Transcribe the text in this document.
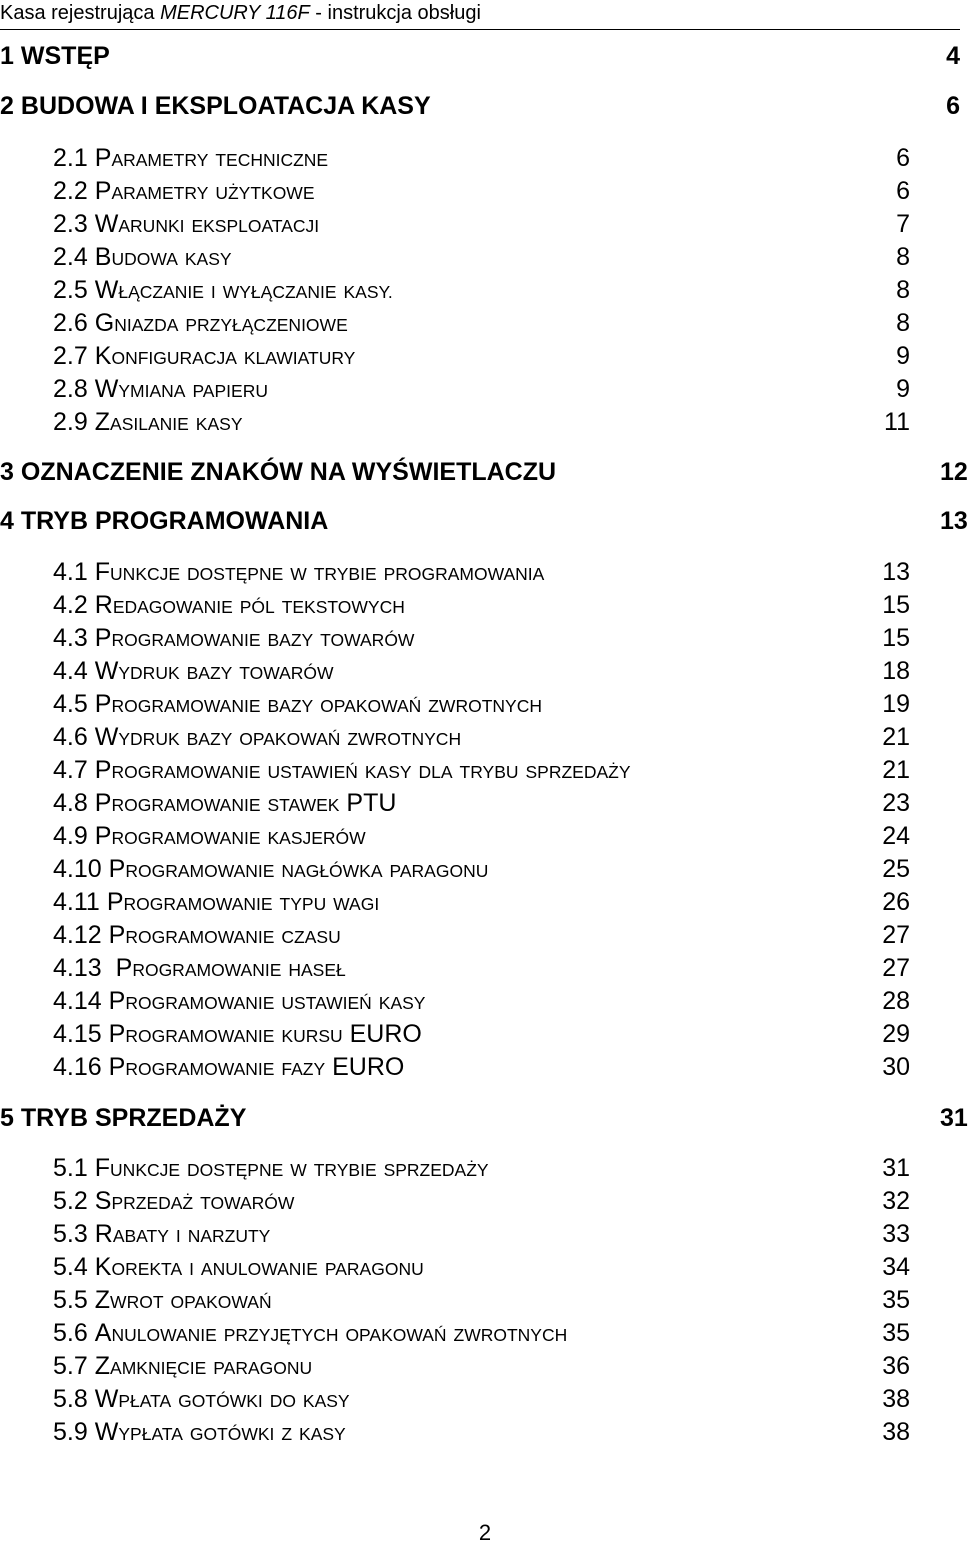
Kasa rejestrująca MERCURY 116F - instrukcja obsługi
1 WSTĘP	4
2 BUDOWA I EKSPLOATACJA KASY	6
2.1 PARAMETRY TECHNICZNE	6
2.2 PARAMETRY UŻYTKOWE	6
2.3 WARUNKI EKSPLOATACJI	7
2.4 BUDOWA KASY	8
2.5 WŁĄCZANIE I WYŁĄCZANIE KASY.	8
2.6 GNIAZDA PRZYŁĄCZENIOWE	8
2.7 KONFIGURACJA KLAWIATURY	9
2.8 WYMIANA PAPIERU	9
2.9 ZASILANIE KASY	11
3 OZNACZENIE ZNAKÓW NA WYŚWIETLACZU	12
4 TRYB PROGRAMOWANIA	13
4.1 FUNKCJE DOSTĘPNE W TRYBIE PROGRAMOWANIA	13
4.2 REDAGOWANIE PÓL TEKSTOWYCH	15
4.3 PROGRAMOWANIE BAZY TOWARÓW	15
4.4 WYDRUK BAZY TOWARÓW	18
4.5 PROGRAMOWANIE BAZY OPAKOWAŃ ZWROTNYCH	19
4.6 WYDRUK BAZY OPAKOWAŃ ZWROTNYCH	21
4.7 PROGRAMOWANIE USTAWIEŃ KASY DLA TRYBU SPRZEDAŻY	21
4.8 PROGRAMOWANIE STAWEK PTU	23
4.9 PROGRAMOWANIE KASJERÓW	24
4.10 PROGRAMOWANIE NAGŁÓWKA PARAGONU	25
4.11 PROGRAMOWANIE TYPU WAGI	26
4.12 PROGRAMOWANIE CZASU	27
4.13 PROGRAMOWANIE HASEŁ	27
4.14 PROGRAMOWANIE USTAWIEŃ KASY	28
4.15 PROGRAMOWANIE KURSU EURO	29
4.16 PROGRAMOWANIE FAZY EURO	30
5 TRYB SPRZEDAŻY	31
5.1 FUNKCJE DOSTĘPNE W TRYBIE SPRZEDAŻY	31
5.2 SPRZEDAŻ TOWARÓW	32
5.3 RABATY I NARZUTY	33
5.4 KOREKTA I ANULOWANIE PARAGONU	34
5.5 ZWROT OPAKOWAŃ	35
5.6 ANULOWANIE PRZYJĘTYCH OPAKOWAŃ ZWROTNYCH	35
5.7 ZAMKNIĘCIE PARAGONU	36
5.8 WPŁATA GOTÓWKI DO KASY	38
5.9 WYPŁATA GOTÓWKI Z KASY	38
2
